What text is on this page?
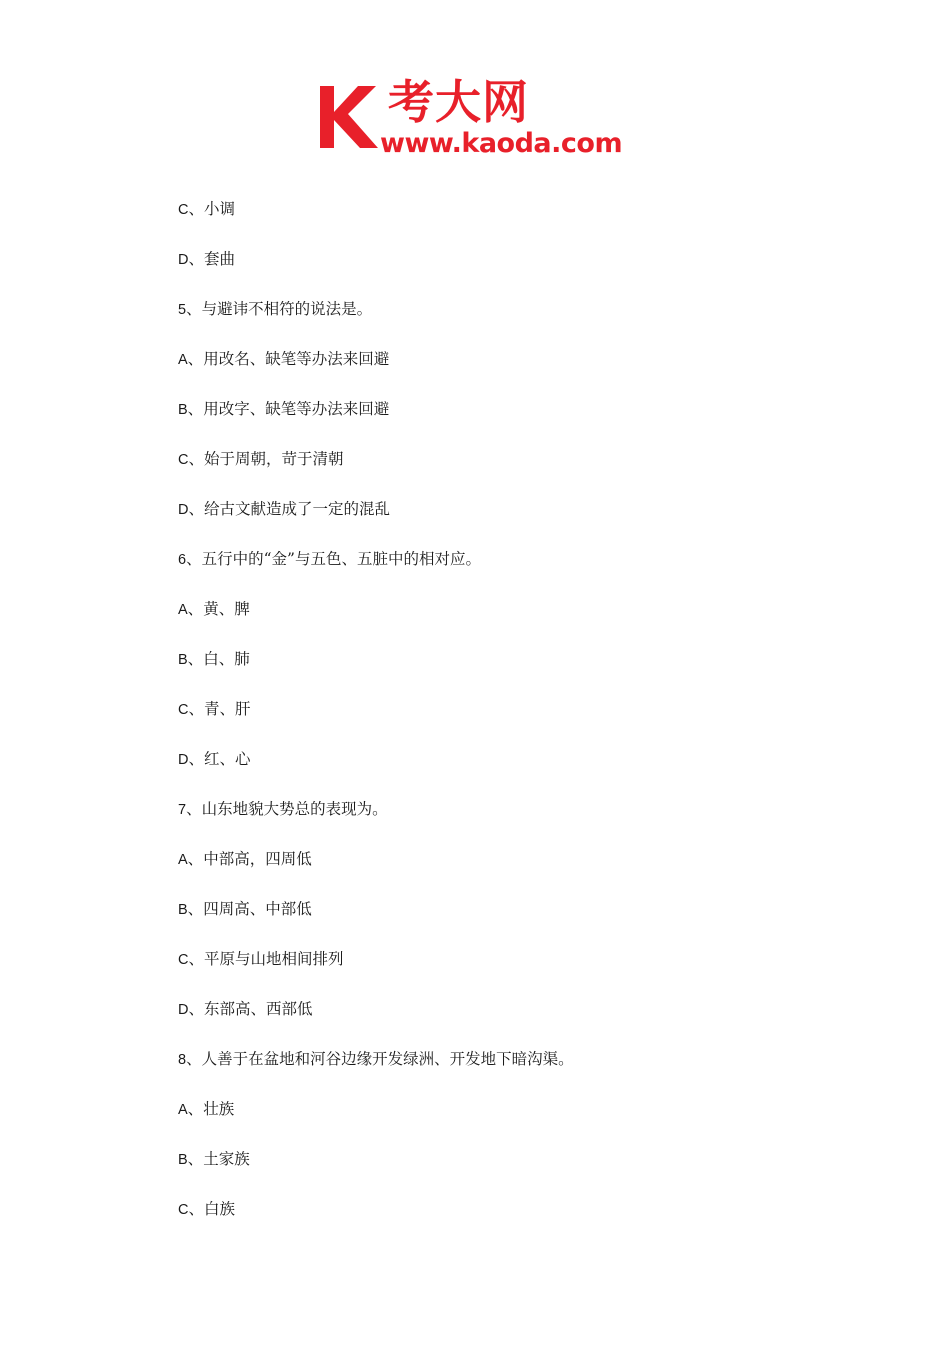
考大网
www.kaoda.com
C、小调
D、套曲
5、与避讳不相符的说法是。
A、用改名、缺笔等办法来回避
B、用改字、缺笔等办法来回避
C、始于周朝，苛于清朝
D、给古文献造成了一定的混乱
6、五行中的“金”与五色、五脏中的相对应。
A、黄、脾
B、白、肺
C、青、肝
D、红、心
7、山东地貌大势总的表现为。
A、中部高，四周低
B、四周高、中部低
C、平原与山地相间排列
D、东部高、西部低
8、人善于在盆地和河谷边缘开发绿洲、开发地下暗沟渠。
A、壮族
B、土家族
C、白族
